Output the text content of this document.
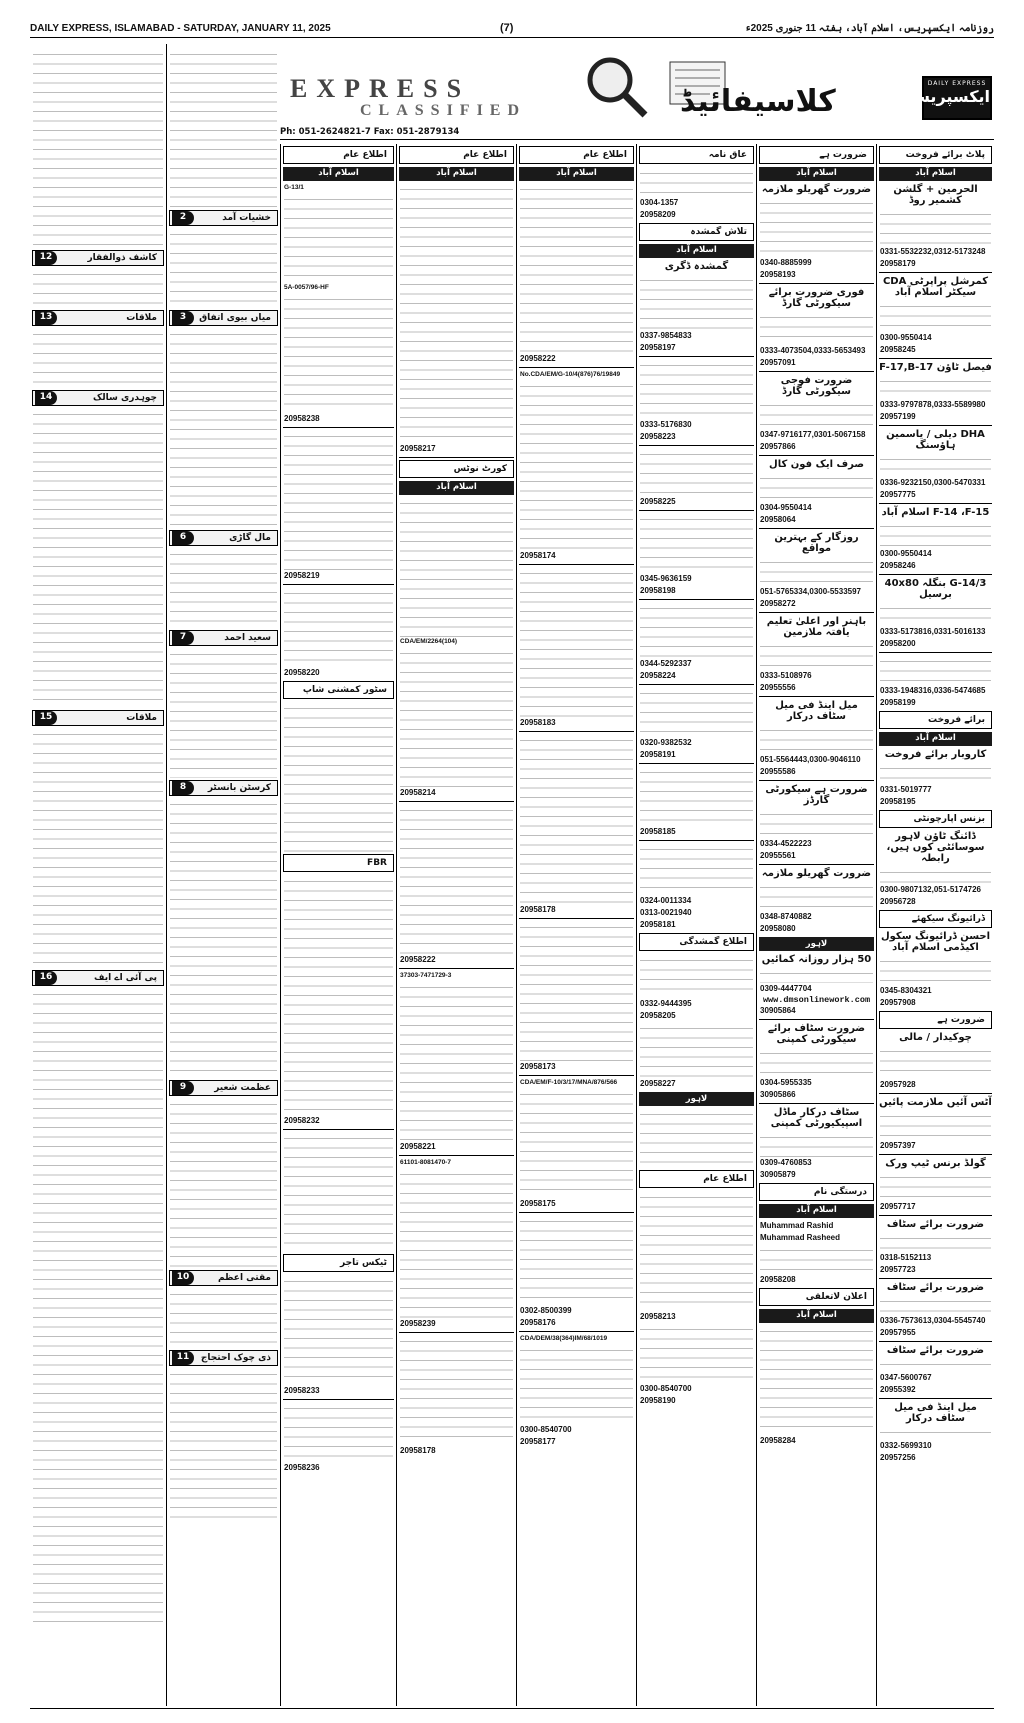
DAILY EXPRESS, ISLAMABAD - SATURDAY, JANUARY 11, 2025	(7)	روزنامہ ایکسپریس، اسلام آباد، ہفتہ 11 جنوری 2025ء
EXPRESS
CLASSIFIED	کلاسیفائیڈ
DAILY EXPRESS
ایکسپریس
Ph: 051-2624821-7 Fax: 051-2879134
پلاٹ برائے فروخت
اسلام آباد
الحرمین + گلشن کشمیر روڈ
0331-5532232,0312-5173248
20958179
کمرشل پراپرٹی CDA سیکٹر اسلام آباد
0300-9550414
20958245
فیصل ٹاؤن F-17,B-17
0333-9797878,0333-5589980
20957199
DHA دیلی / یاسمین ہاؤسنگ
0336-9232150,0300-5470331
20957775
F-14 ،F-15 اسلام آباد
0300-9550414
20958246
G-14/3 بنگلہ 40x80 برسیل
0333-5173816,0331-5016133
20958200
0333-1948316,0336-5474685
20958199
برائے فروخت
اسلام آباد
کاروبار برائے فروخت
0331-5019777
20958195
بزنس اپارچونٹی
ڈائنگ ٹاؤن لاہور سوسائٹی کوں ہیں، رابطہ
0300-9807132,051-5174726
20956728
ڈرائیونگ سیکھئے
احسن ڈرائیونگ سکول اکیڈمی اسلام آباد
0345-8304321
20957908
ضرورت ہے
چوکیدار / مالی
20957928
آٹس آئیں ملازمت پائیں
20957397
گولڈ برنس ٹیپ ورک
20957717
ضرورت برائے سٹاف
0318-5152113
20957723
ضرورت برائے سٹاف
0336-7573613,0304-5545740
20957955
ضرورت برائے سٹاف
0347-5600767
20955392
میل اینڈ فی میل سٹاف درکار
0332-5699310
20957256
ضرورت ہے
اسلام آباد
ضرورت گھریلو ملازمہ
0340-8885999
20958193
فوری ضرورت برائے سیکورٹی گارڈ
0333-4073504,0333-5653493
20957091
ضرورت فوجی سیکورٹی گارڈ
0347-9716177,0301-5067158
20957866
صرف ایک فون کال
0304-9550414
20958064
روزگار کے بہترین مواقع
051-5765334,0300-5533597
20958272
باہنر اور اعلیٰ تعلیم یافتہ ملازمین
0333-5108976
20955556
میل اینڈ فی میل سٹاف درکار
051-5564443,0300-9046110
20955586
ضرورت ہے سیکورٹی گارڈز
0334-4522223
20955561
ضرورت گھریلو ملازمہ
0348-8740882
20958080
لاہور
50 ہزار روزانہ کمائیں
0309-4447704
www.dmsonlinework.com
30905864
ضرورت سٹاف برائے سیکورٹی کمپنی
0304-5955335
30905866
سٹاف درکار ماڈل اسپیکیورٹی کمپنی
0309-4760853
30905879
درستگی نام
اسلام آباد
Muhammad Rashid
Muhammad Rasheed
20958208
اعلان لاتعلقی
اسلام آباد
20958284
عاق نامہ
0304-1357
20958209
تلاش گمشدہ
اسلام آباد
گمشدہ ڈگری
0337-9854833
20958197
0333-5176830
20958223
20958225
0345-9636159
20958198
0344-5292337
20958224
0320-9382532
20958191
20958185
0324-0011334
0313-0021940
20958181
اطلاع گمشدگی
0332-9444395
20958205
20958227
لاہور
اطلاع عام
20958213
0300-8540700
20958190
اطلاع عام
اسلام آباد
20958222
No.CDA/EM/G-10/4(876)76/19849
20958174
20958183
20958178
20958173
CDA/EM/F-10/3/17/MNA/876/566
20958175
0302-8500399
20958176
CDA/DEM/38(364)IM/68/1019
0300-8540700
20958177
اطلاع عام
اسلام آباد
20958217
کورٹ نوٹس
اسلام آباد
CDA/EM/2264(104)
20958214
20958222
37303-7471729-3
20958221
61101-8081470-7
20958239
20958178
اطلاع عام
اسلام آباد
G-13/1
5A-0057/96-HF
20958238
20958219
20958220
سٹور کمشنی شاپ
FBR
20958232
ٹیکس تاجر
20958233
20958236
2	خشیات آمد
3	میاں بیوی اتفاق
6	مال گاڑی
7	سعید احمد
8	کرسٹن بانسٹر
9	عظمت شعیر
10	مقتی اعظم
11	ذی چوک احتجاج
12	کاشف ذوالفقار
13	ملاقات
14	چوہدری سالک
15	ملاقات
16	پی آئی اے ایف
